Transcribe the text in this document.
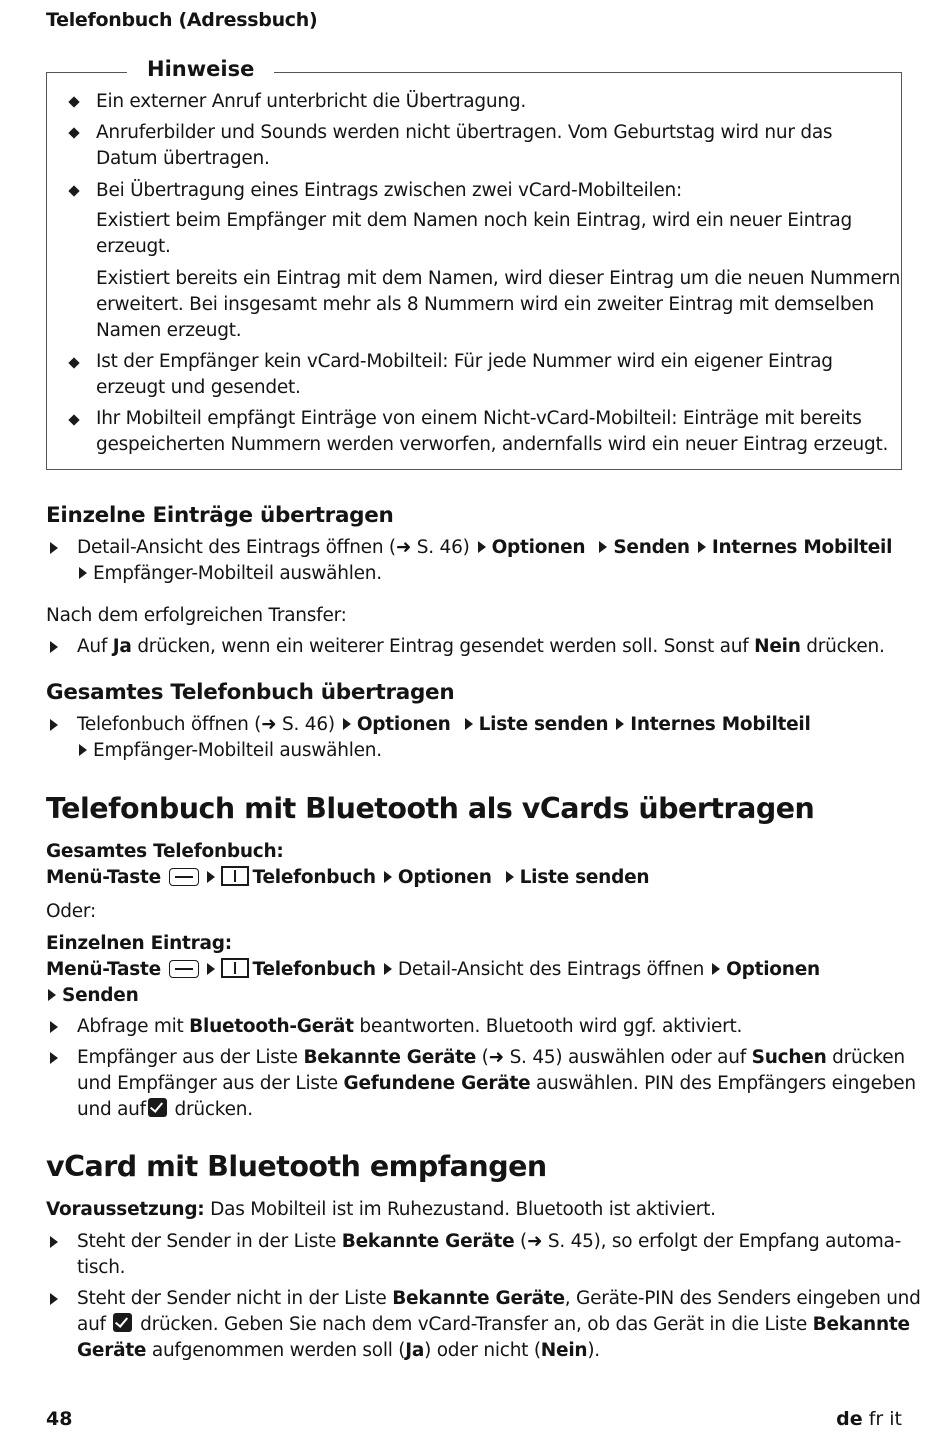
Telefonbuch (Adressbuch)
Hinweise
Ein externer Anruf unterbricht die Übertragung.
Anruferbilder und Sounds werden nicht übertragen. Vom Geburtstag wird nur das
Datum übertragen.
Bei Übertragung eines Eintrags zwischen zwei vCard-Mobilteilen:
Existiert beim Empfänger mit dem Namen noch kein Eintrag, wird ein neuer Eintrag
erzeugt.
Existiert bereits ein Eintrag mit dem Namen, wird dieser Eintrag um die neuen Nummern
erweitert. Bei insgesamt mehr als 8 Nummern wird ein zweiter Eintrag mit demselben
Namen erzeugt.
Ist der Empfänger kein vCard-Mobilteil: Für jede Nummer wird ein eigener Eintrag
erzeugt und gesendet.
Ihr Mobilteil empfängt Einträge von einem Nicht-vCard-Mobilteil: Einträge mit bereits
gespeicherten Nummern werden verworfen, andernfalls wird ein neuer Eintrag erzeugt.
Einzelne Einträge übertragen
Detail-Ansicht des Eintrags öffnen (➜ S. 46) Optionen Senden Internes Mobilteil
Empfänger-Mobilteil auswählen.
Nach dem erfolgreichen Transfer:
Auf Ja drücken, wenn ein weiterer Eintrag gesendet werden soll. Sonst auf Nein drücken.
Gesamtes Telefonbuch übertragen
Telefonbuch öffnen (➜ S. 46) Optionen Liste senden Internes Mobilteil
Empfänger-Mobilteil auswählen.
Telefonbuch mit Bluetooth als vCards übertragen
Gesamtes Telefonbuch:
Menü-Taste	Telefonbuch Optionen Liste senden
Oder:
Einzelnen Eintrag:
Menü-Taste	Telefonbuch Detail-Ansicht des Eintrags öffnen Optionen
Senden
Abfrage mit Bluetooth-Gerät beantworten. Bluetooth wird ggf. aktiviert.
Empfänger aus der Liste Bekannte Geräte (➜ S. 45) auswählen oder auf Suchen drücken
und Empfänger aus der Liste Gefundene Geräte auswählen. PIN des Empfängers eingeben
und auf drücken.
vCard mit Bluetooth empfangen
Voraussetzung: Das Mobilteil ist im Ruhezustand. Bluetooth ist aktiviert.
Steht der Sender in der Liste Bekannte Geräte (➜ S. 45), so erfolgt der Empfang automa-
tisch.
Steht der Sender nicht in der Liste Bekannte Geräte, Geräte-PIN des Senders eingeben und
auf drücken. Geben Sie nach dem vCard-Transfer an, ob das Gerät in die Liste Bekannte
Geräte aufgenommen werden soll (Ja) oder nicht (Nein).
48	de fr it
